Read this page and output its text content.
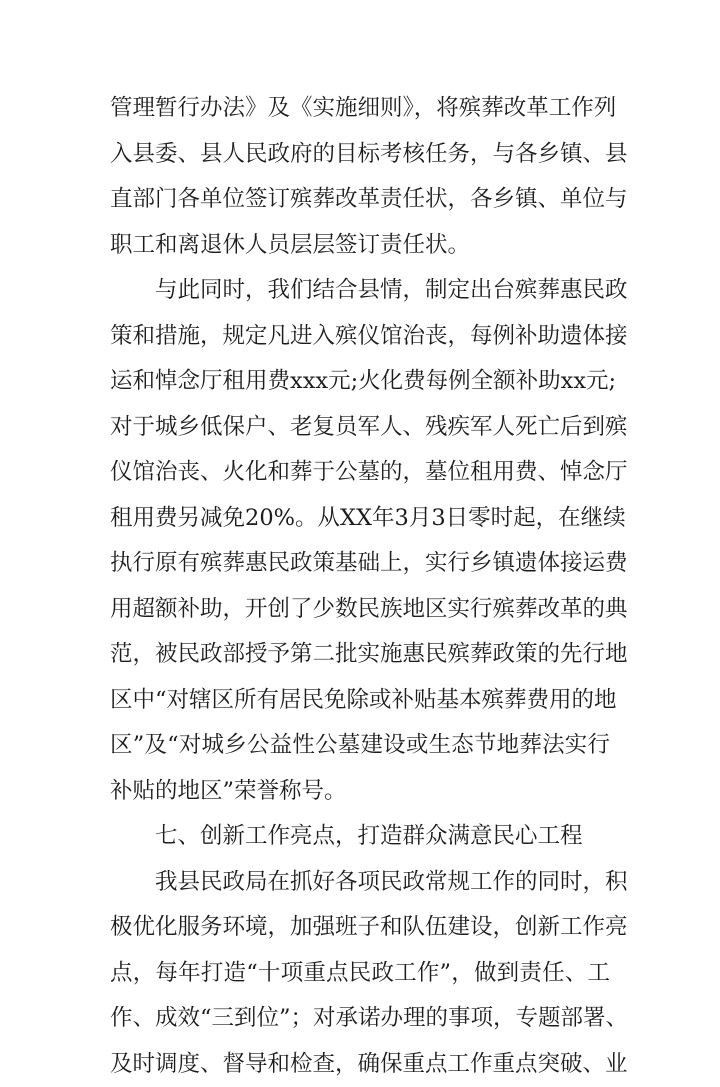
管理暂行办法》及《实施细则》，将殡葬改革工作列
入县委、县人民政府的目标考核任务，与各乡镇、县
直部门各单位签订殡葬改革责任状，各乡镇、单位与
职工和离退休人员层层签订责任状。
与此同时，我们结合县情，制定出台殡葬惠民政
策和措施，规定凡进入殡仪馆治丧，每例补助遗体接
运和悼念厅租用费xxx元;火化费每例全额补助xx元;
对于城乡低保户、老复员军人、残疾军人死亡后到殡
仪馆治丧、火化和葬于公墓的，墓位租用费、悼念厅
租用费另减免20%。从XX年3月3日零时起，在继续
执行原有殡葬惠民政策基础上，实行乡镇遗体接运费
用超额补助，开创了少数民族地区实行殡葬改革的典
范，被民政部授予第二批实施惠民殡葬政策的先行地
区中“对辖区所有居民免除或补贴基本殡葬费用的地
区”及“对城乡公益性公墓建设或生态节地葬法实行
补贴的地区”荣誉称号。
七、创新工作亮点，打造群众满意民心工程
我县民政局在抓好各项民政常规工作的同时，积
极优化服务环境，加强班子和队伍建设，创新工作亮
点，每年打造“十项重点民政工作”，做到责任、工
作、成效“三到位”；对承诺办理的事项，专题部署、
及时调度、督导和检查，确保重点工作重点突破、业
